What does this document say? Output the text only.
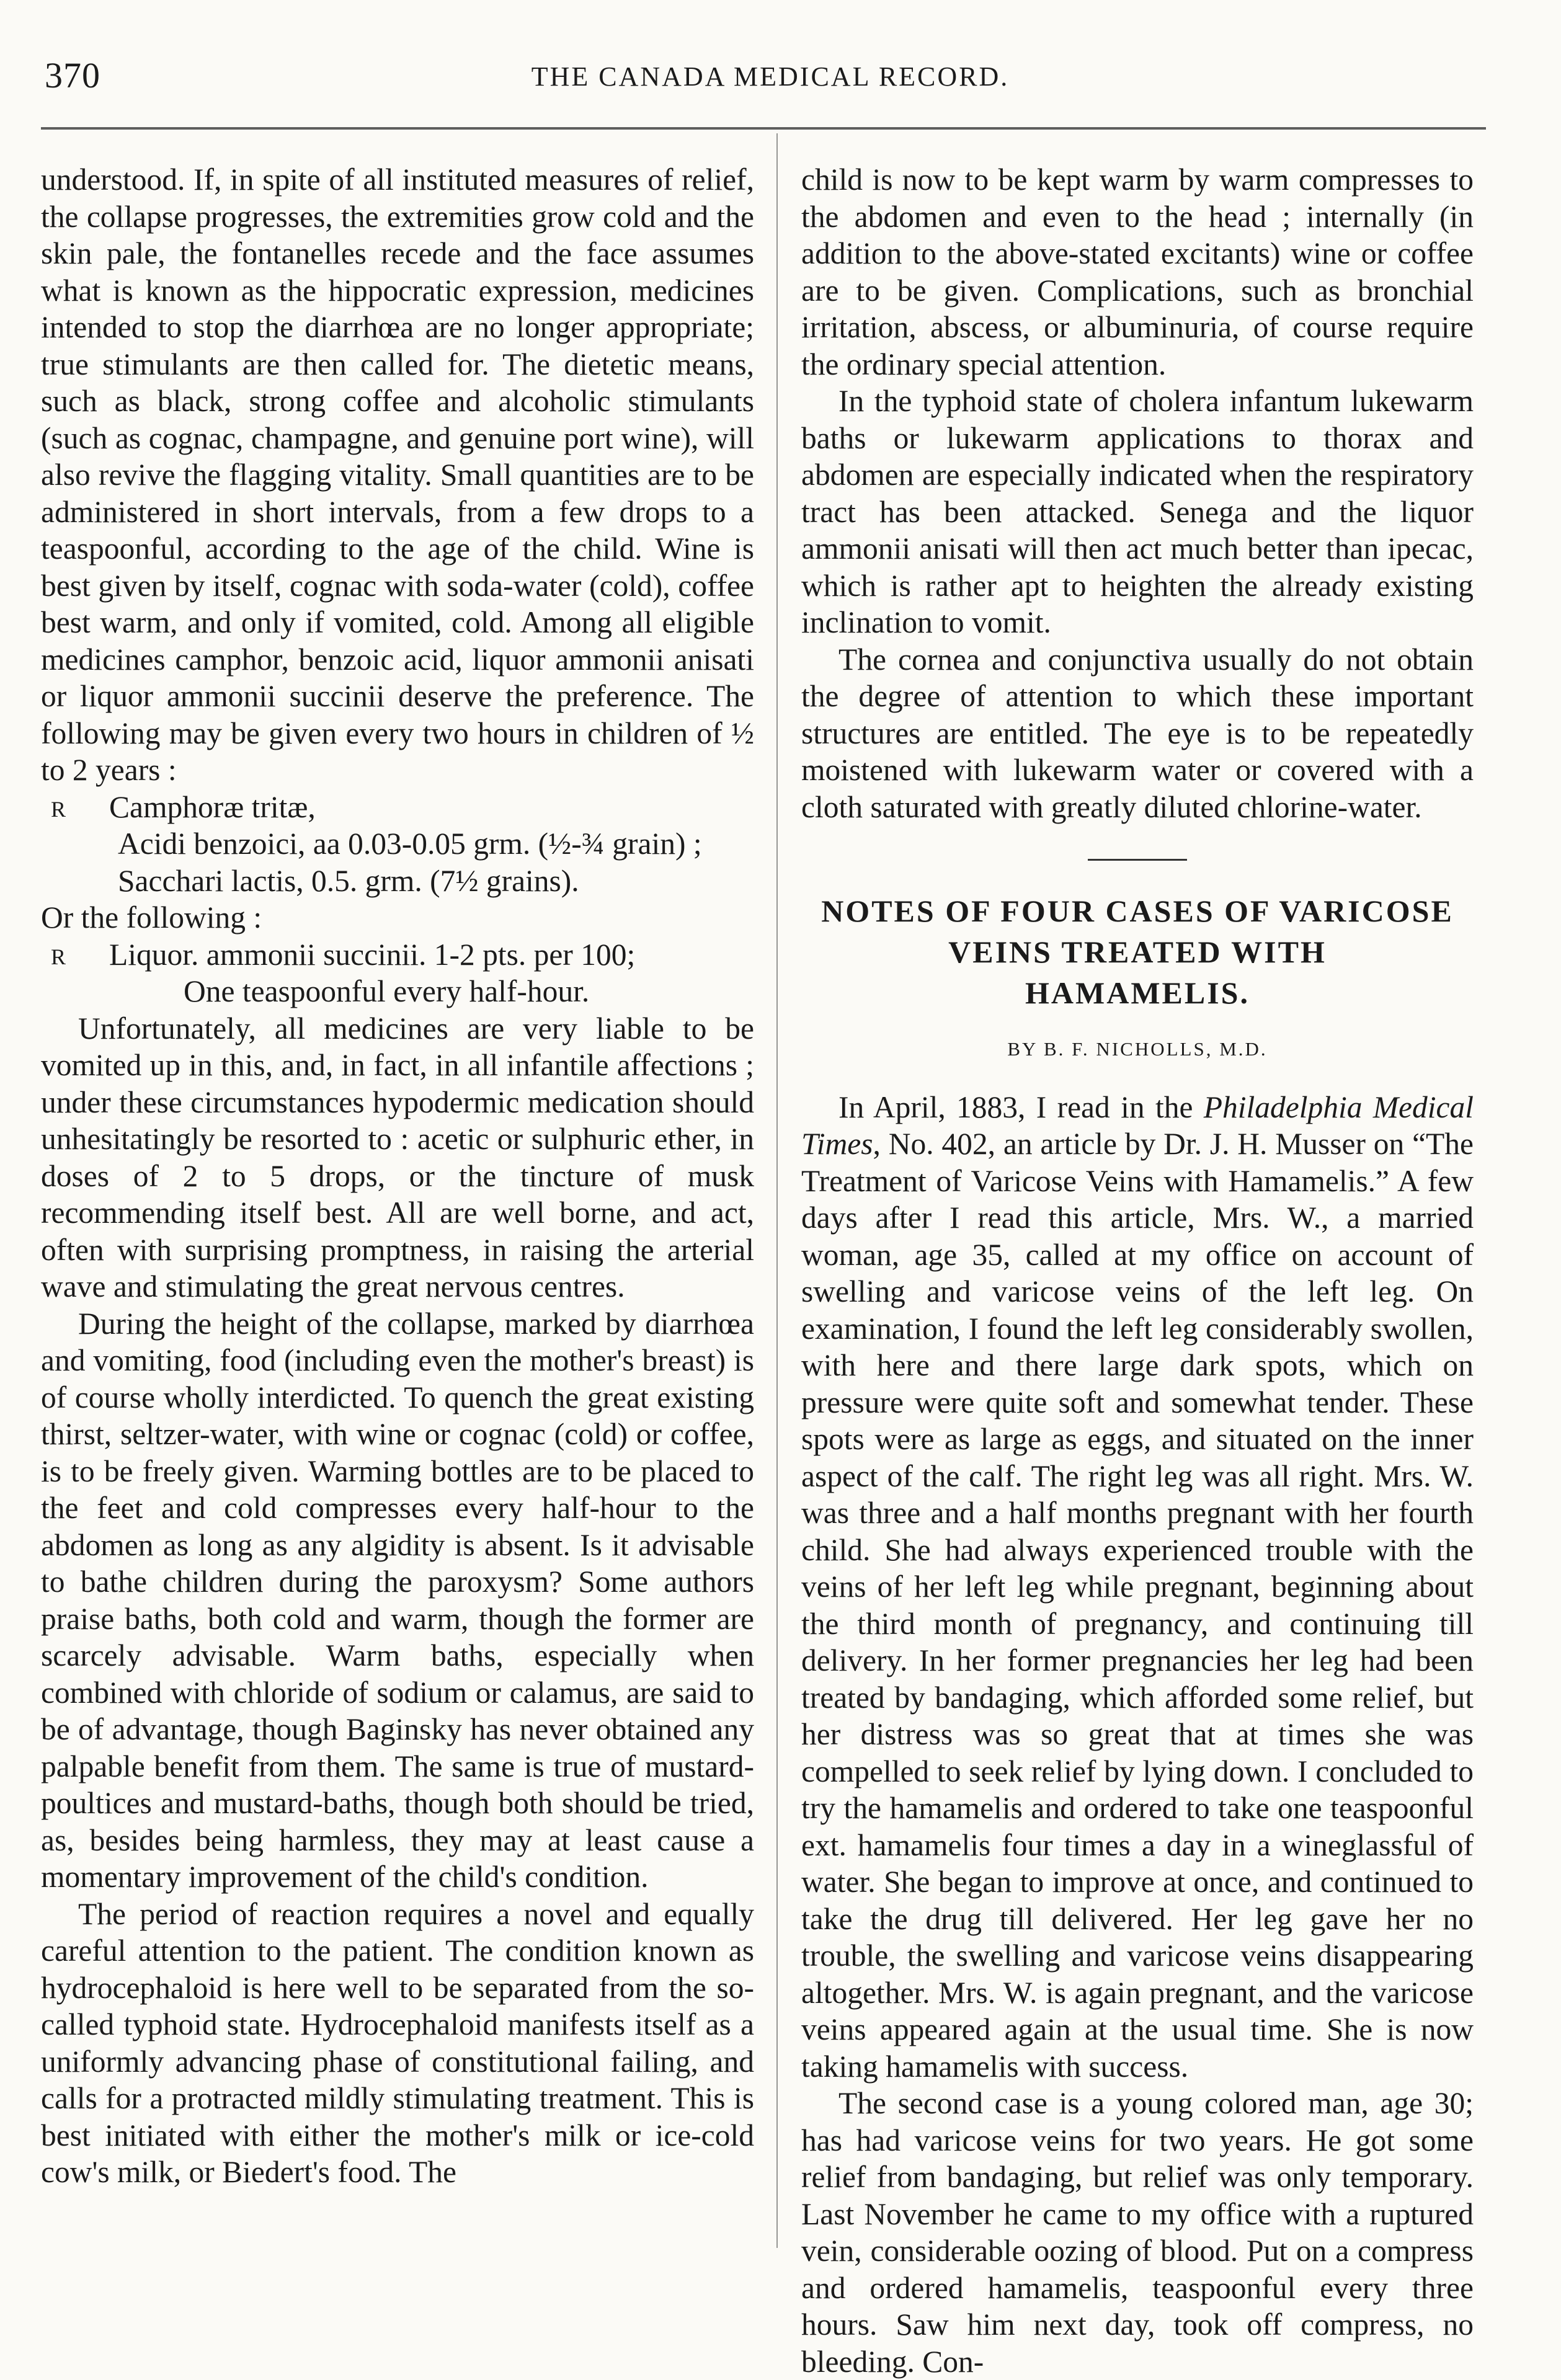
370	THE CANADA MEDICAL RECORD.

understood. If, in spite of all instituted measures of relief, the collapse progresses, the extremities grow cold and the skin pale, the fontanelles recede and the face assumes what is known as the hippocratic expression, medicines intended to stop the diarrhœa are no longer appropriate; true stimulants are then called for. The dietetic means, such as black, strong coffee and alcoholic stimulants (such as cognac, champagne, and genuine port wine), will also revive the flagging vitality. Small quantities are to be administered in short intervals, from a few drops to a teaspoonful, according to the age of the child. Wine is best given by itself, cognac with soda-water (cold), coffee best warm, and only if vomited, cold. Among all eligible medicines camphor, benzoic acid, liquor ammonii anisati or liquor ammonii succinii deserve the preference. The following may be given every two hours in children of ½ to 2 years :

R Camphoræ tritæ,
Acidi benzoici, aa 0.03-0.05 grm. (½-¾ grain) ;
Sacchari lactis, 0.5. grm. (7½ grains).

Or the following :

R Liquor. ammonii succinii. 1-2 pts. per 100;
One teaspoonful every half-hour.

Unfortunately, all medicines are very liable to be vomited up in this, and, in fact, in all infantile affections ; under these circumstances hypodermic medication should unhesitatingly be resorted to : acetic or sulphuric ether, in doses of 2 to 5 drops, or the tincture of musk recommending itself best. All are well borne, and act, often with surprising promptness, in raising the arterial wave and stimulating the great nervous centres.

During the height of the collapse, marked by diarrhœa and vomiting, food (including even the mother's breast) is of course wholly interdicted. To quench the great existing thirst, seltzer-water, with wine or cognac (cold) or coffee, is to be freely given. Warming bottles are to be placed to the feet and cold compresses every half-hour to the abdomen as long as any algidity is absent. Is it advisable to bathe children during the paroxysm? Some authors praise baths, both cold and warm, though the former are scarcely advisable. Warm baths, especially when combined with chloride of sodium or calamus, are said to be of advantage, though Baginsky has never obtained any palpable benefit from them. The same is true of mustard-poultices and mustard-baths, though both should be tried, as, besides being harmless, they may at least cause a momentary improvement of the child's condition.

The period of reaction requires a novel and equally careful attention to the patient. The condition known as hydrocephaloid is here well to be separated from the so-called typhoid state. Hydrocephaloid manifests itself as a uniformly advancing phase of constitutional failing, and calls for a protracted mildly stimulating treatment. This is best initiated with either the mother's milk or ice-cold cow's milk, or Biedert's food. The

child is now to be kept warm by warm compresses to the abdomen and even to the head ; internally (in addition to the above-stated excitants) wine or coffee are to be given. Complications, such as bronchial irritation, abscess, or albuminuria, of course require the ordinary special attention.

In the typhoid state of cholera infantum lukewarm baths or lukewarm applications to thorax and abdomen are especially indicated when the respiratory tract has been attacked. Senega and the liquor ammonii anisati will then act much better than ipecac, which is rather apt to heighten the already existing inclination to vomit.

The cornea and conjunctiva usually do not obtain the degree of attention to which these important structures are entitled. The eye is to be repeatedly moistened with lukewarm water or covered with a cloth saturated with greatly diluted chlorine-water.

NOTES OF FOUR CASES OF VARICOSE
VEINS TREATED WITH
HAMAMELIS.
BY B. F. NICHOLLS, M.D.

In April, 1883, I read in the Philadelphia Medical Times, No. 402, an article by Dr. J. H. Musser on “The Treatment of Varicose Veins with Hamamelis.” A few days after I read this article, Mrs. W., a married woman, age 35, called at my office on account of swelling and varicose veins of the left leg. On examination, I found the left leg considerably swollen, with here and there large dark spots, which on pressure were quite soft and somewhat tender. These spots were as large as eggs, and situated on the inner aspect of the calf. The right leg was all right. Mrs. W. was three and a half months pregnant with her fourth child. She had always experienced trouble with the veins of her left leg while pregnant, beginning about the third month of pregnancy, and continuing till delivery. In her former pregnancies her leg had been treated by bandaging, which afforded some relief, but her distress was so great that at times she was compelled to seek relief by lying down. I concluded to try the hamamelis and ordered to take one teaspoonful ext. hamamelis four times a day in a wineglassful of water. She began to improve at once, and continued to take the drug till delivered. Her leg gave her no trouble, the swelling and varicose veins disappearing altogether. Mrs. W. is again pregnant, and the varicose veins appeared again at the usual time. She is now taking hamamelis with success.

The second case is a young colored man, age 30; has had varicose veins for two years. He got some relief from bandaging, but relief was only temporary. Last November he came to my office with a ruptured vein, considerable oozing of blood. Put on a compress and ordered hamamelis, teaspoonful every three hours. Saw him next day, took off compress, no bleeding. Con-
